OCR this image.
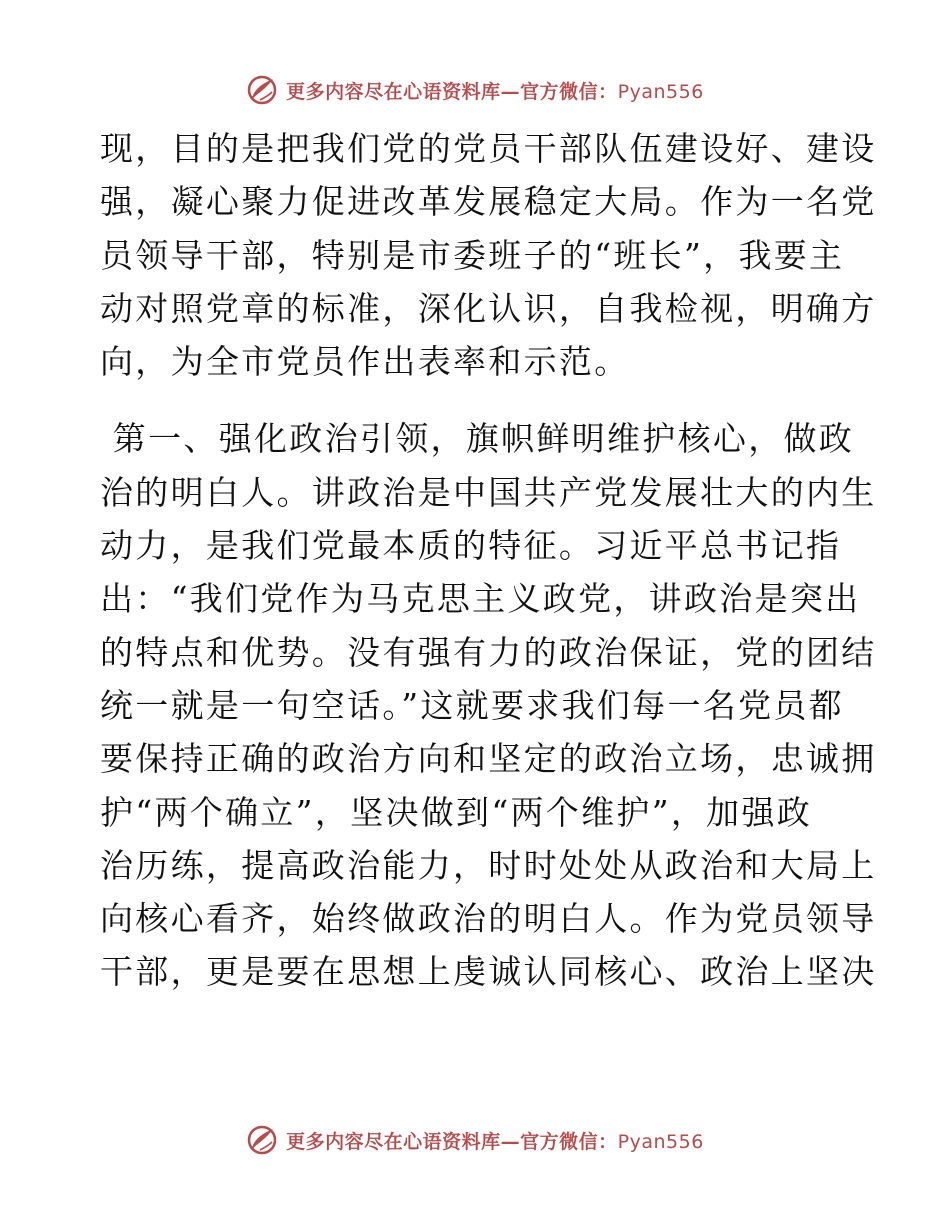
更多内容尽在心语资料库—官方微信：Pyan556
现，目的是把我们党的党员干部队伍建设好、建设
强，凝心聚力促进改革发展稳定大局。作为一名党
员领导干部，特别是市委班子的“班长”，我要主
动对照党章的标准，深化认识，自我检视，明确方
向，为全市党员作出表率和示范。
第一、强化政治引领，旗帜鲜明维护核心，做政
治的明白人。讲政治是中国共产党发展壮大的内生
动力，是我们党最本质的特征。习近平总书记指
出：“我们党作为马克思主义政党，讲政治是突出
的特点和优势。没有强有力的政治保证，党的团结
统一就是一句空话。”这就要求我们每一名党员都
要保持正确的政治方向和坚定的政治立场，忠诚拥
护“两个确立”，坚决做到“两个维护”，加强政
治历练，提高政治能力，时时处处从政治和大局上
向核心看齐，始终做政治的明白人。作为党员领导
干部，更是要在思想上虔诚认同核心、政治上坚决
更多内容尽在心语资料库—官方微信：Pyan556
